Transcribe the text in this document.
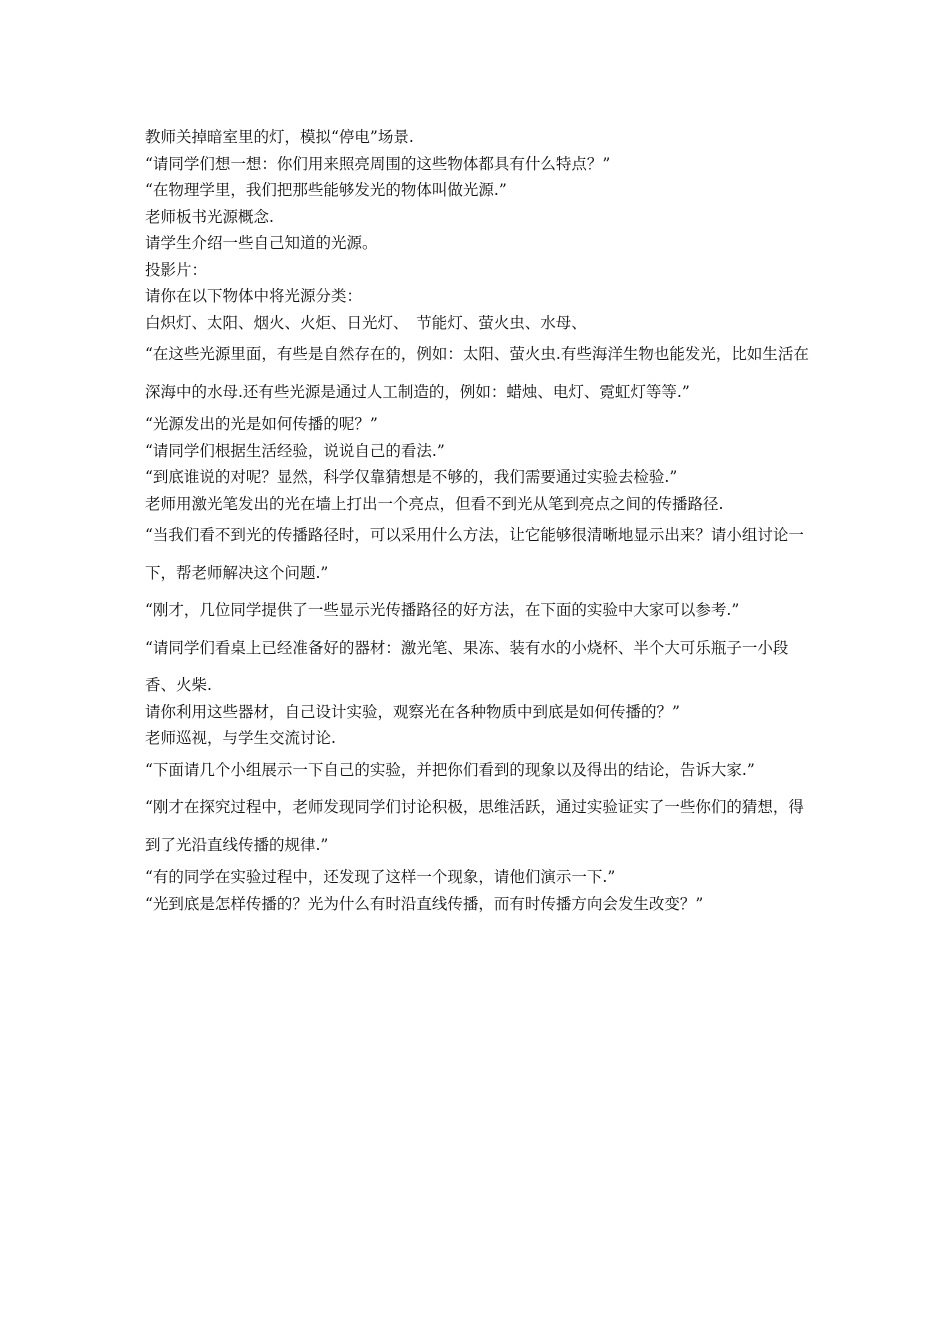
教师关掉暗室里的灯，模拟“停电”场景.

“请同学们想一想：你们用来照亮周围的这些物体都具有什么特点？”

“在物理学里，我们把那些能够发光的物体叫做光源.”

老师板书光源概念.

请学生介绍一些自己知道的光源。

投影片：

请你在以下物体中将光源分类：

白炽灯、太阳、烟火、火炬、日光灯、　节能灯、萤火虫、水母、

“在这些光源里面，有些是自然存在的，例如：太阳、萤火虫.有些海洋生物也能发光，比如生活在深海中的水母.还有些光源是通过人工制造的，例如：蜡烛、电灯、霓虹灯等等.”

“光源发出的光是如何传播的呢？”

“请同学们根据生活经验，说说自己的看法.”

“到底谁说的对呢？显然，科学仅靠猜想是不够的，我们需要通过实验去检验.”

老师用激光笔发出的光在墙上打出一个亮点，但看不到光从笔到亮点之间的传播路径.

“当我们看不到光的传播路径时，可以采用什么方法，让它能够很清晰地显示出来？请小组讨论一下，帮老师解决这个问题.”

“刚才，几位同学提供了一些显示光传播路径的好方法，在下面的实验中大家可以参考.”

“请同学们看桌上已经准备好的器材：激光笔、果冻、装有水的小烧杯、半个大可乐瓶子一小段香、火柴.

请你利用这些器材，自己设计实验，观察光在各种物质中到底是如何传播的？”

老师巡视，与学生交流讨论.

“下面请几个小组展示一下自己的实验，并把你们看到的现象以及得出的结论，告诉大家.”

“刚才在探究过程中，老师发现同学们讨论积极，思维活跃，通过实验证实了一些你们的猜想，得到了光沿直线传播的规律.”

“有的同学在实验过程中，还发现了这样一个现象，请他们演示一下.”

“光到底是怎样传播的？光为什么有时沿直线传播，而有时传播方向会发生改变？”
